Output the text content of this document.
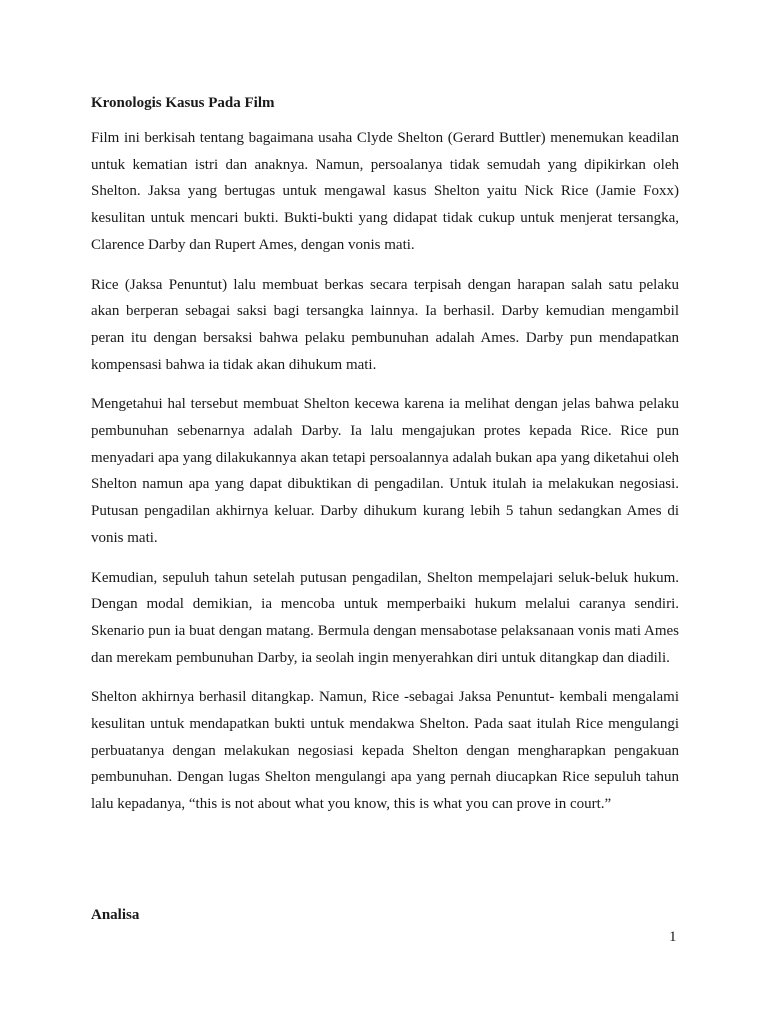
Kronologis Kasus Pada Film

Film ini berkisah tentang bagaimana usaha Clyde Shelton (Gerard Buttler) menemukan keadilan untuk kematian istri dan anaknya. Namun, persoalanya tidak semudah yang dipikirkan oleh Shelton. Jaksa yang bertugas untuk mengawal kasus Shelton yaitu Nick Rice (Jamie Foxx) kesulitan untuk mencari bukti. Bukti-bukti yang didapat tidak cukup untuk menjerat tersangka, Clarence Darby dan Rupert Ames, dengan vonis mati.

Rice (Jaksa Penuntut) lalu membuat berkas secara terpisah dengan harapan salah satu pelaku akan berperan sebagai saksi bagi tersangka lainnya. Ia berhasil. Darby kemudian mengambil peran itu dengan bersaksi bahwa pelaku pembunuhan adalah Ames. Darby pun mendapatkan kompensasi bahwa ia tidak akan dihukum mati.

Mengetahui hal tersebut membuat Shelton kecewa karena ia melihat dengan jelas bahwa pelaku pembunuhan sebenarnya adalah Darby. Ia lalu mengajukan protes kepada Rice. Rice pun menyadari apa yang dilakukannya akan tetapi persoalannya adalah bukan apa yang diketahui oleh Shelton namun apa yang dapat dibuktikan di pengadilan. Untuk itulah ia melakukan negosiasi. Putusan pengadilan akhirnya keluar. Darby dihukum kurang lebih 5 tahun sedangkan Ames di vonis mati.

Kemudian, sepuluh tahun setelah putusan pengadilan, Shelton mempelajari seluk-beluk hukum. Dengan modal demikian, ia mencoba untuk memperbaiki hukum melalui caranya sendiri. Skenario pun ia buat dengan matang. Bermula dengan mensabotase pelaksanaan vonis mati Ames dan merekam pembunuhan Darby, ia seolah ingin menyerahkan diri untuk ditangkap dan diadili.

Shelton akhirnya berhasil ditangkap. Namun, Rice -sebagai Jaksa Penuntut- kembali mengalami kesulitan untuk mendapatkan bukti untuk mendakwa Shelton. Pada saat itulah Rice mengulangi perbuatanya dengan melakukan negosiasi kepada Shelton dengan mengharapkan pengakuan pembunuhan. Dengan lugas Shelton mengulangi apa yang pernah diucapkan Rice sepuluh tahun lalu kepadanya, “this is not about what you know, this is what you can prove in court.”

Analisa
1
